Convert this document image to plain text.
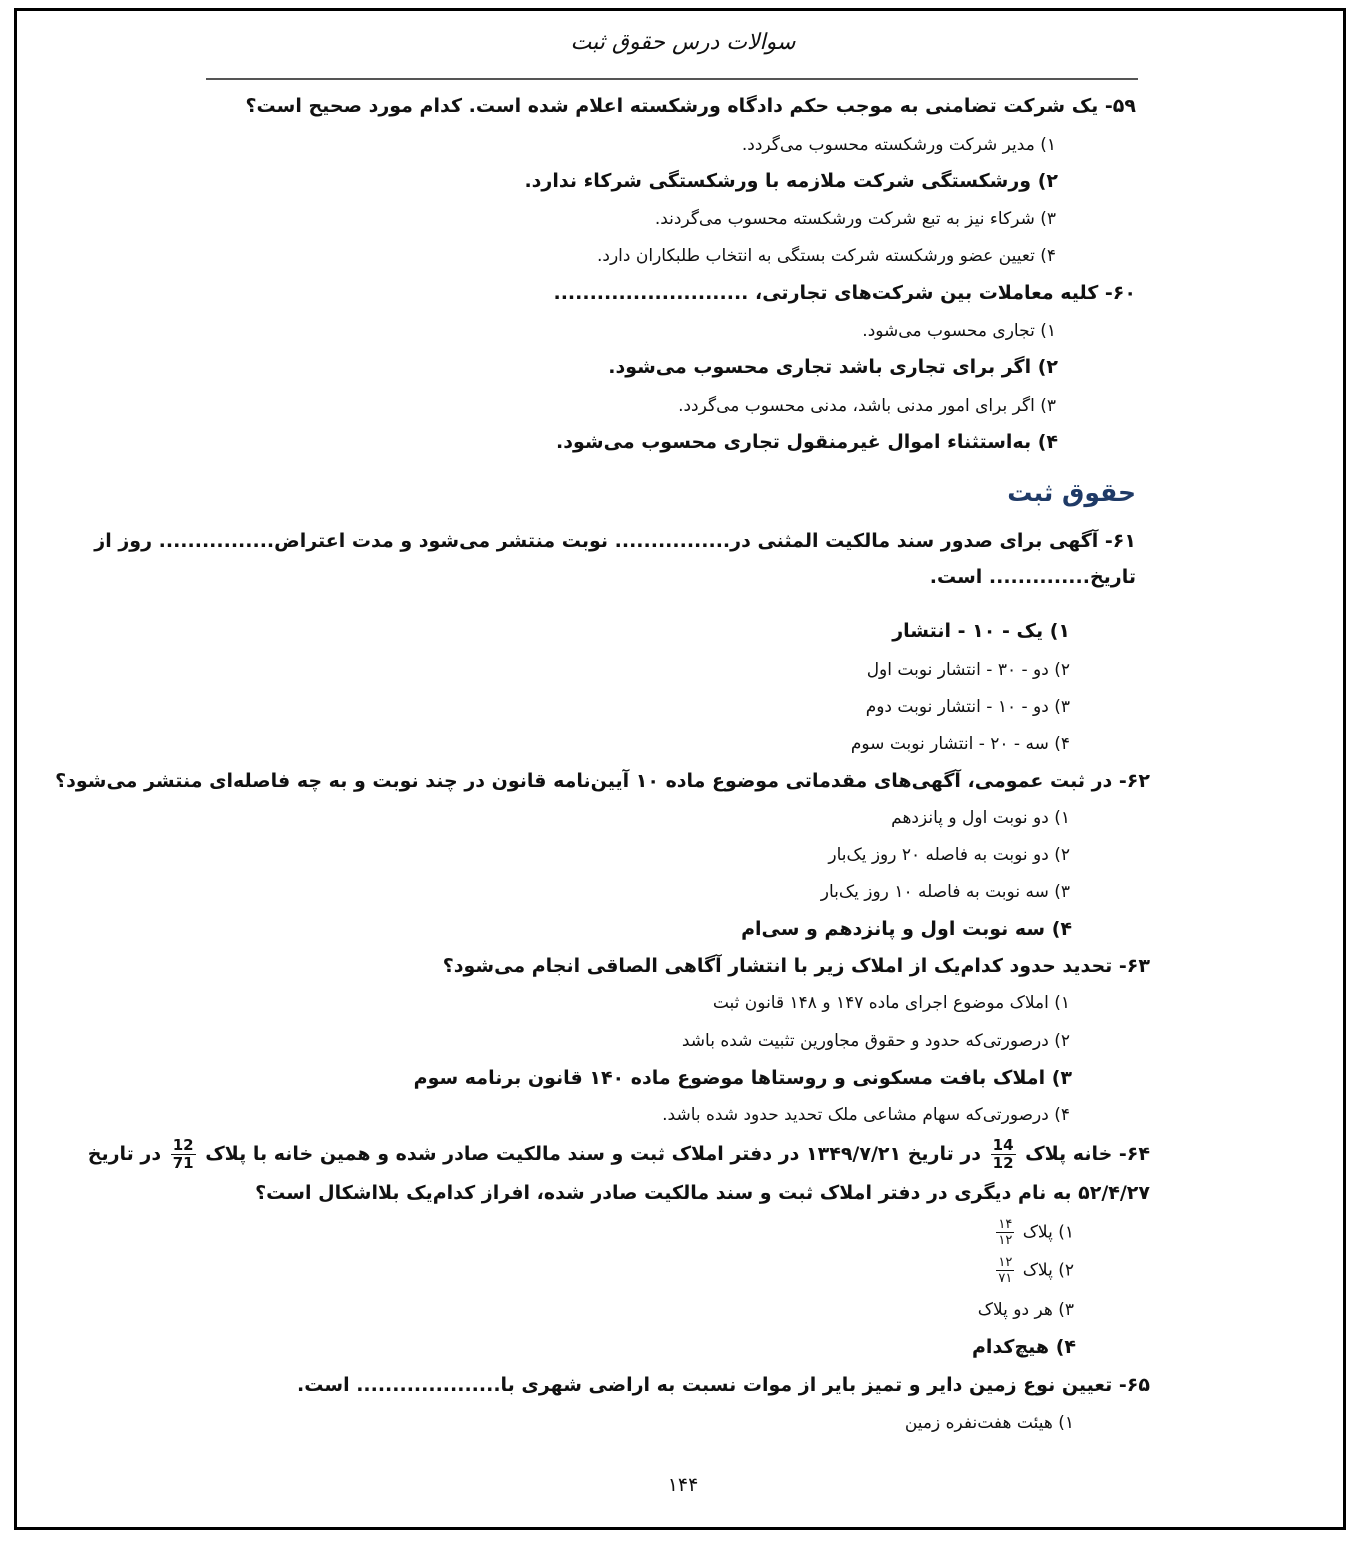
سوالات درس حقوق ثبت
۵۹- یک شرکت تضامنی به موجب حکم دادگاه ورشکسته اعلام شده است. کدام مورد صحیح است؟
۱) مدیر شرکت ورشکسته محسوب می‌گردد.
۲) ورشکستگی شرکت ملازمه با ورشکستگی شرکاء ندارد.
۳) شرکاء نیز به تبع شرکت ورشکسته محسوب می‌گردند.
۴) تعیین عضو ورشکسته شرکت بستگی به انتخاب طلبکاران دارد.
۶۰- کلیه معاملات بین شرکت‌های تجارتی، ...........................
۱) تجاری محسوب می‌شود.
۲) اگر برای تجاری باشد تجاری محسوب می‌شود.
۳) اگر برای امور مدنی باشد، مدنی محسوب می‌گردد.
۴) به‌استثناء اموال غیرمنقول تجاری محسوب می‌شود.
حقوق ثبت
۶۱- آگهی برای صدور سند مالکیت المثنی در................ نوبت منتشر می‌شود و مدت اعتراض................ روز از
تاریخ.............. است.
۱) یک - ۱۰ - انتشار
۲) دو - ۳۰ - انتشار نوبت اول
۳) دو - ۱۰ - انتشار نوبت دوم
۴) سه - ۲۰ - انتشار نوبت سوم
۶۲- در ثبت عمومی، آگهی‌های مقدماتی موضوع ماده ۱۰ آیین‌نامه قانون در چند نوبت و به چه فاصله‌ای منتشر می‌شود؟
۱) دو نوبت اول و پانزدهم
۲) دو نوبت به فاصله ۲۰ روز یک‌بار
۳) سه نوبت به فاصله ۱۰ روز یک‌بار
۴) سه نوبت اول و پانزدهم و سی‌ام
۶۳- تحدید حدود کدام‌یک از املاک زیر با انتشار آگاهی الصاقی انجام می‌شود؟
۱) املاک موضوع اجرای ماده ۱۴۷ و ۱۴۸ قانون ثبت
۲) درصورتی‌که حدود و حقوق مجاورین تثبیت شده باشد
۳) املاک بافت مسکونی و روستاها موضوع ماده ۱۴۰ قانون برنامه سوم
۴) درصورتی‌که سهام مشاعی ملک تحدید حدود شده باشد.
۶۴- خانه پلاک
$\frac{14}{12}$
در تاریخ ۱۳۴۹/۷/۲۱ در دفتر املاک ثبت و سند مالکیت صادر شده و همین خانه با پلاک
$\frac{12}{71}$
در تاریخ
۵۲/۴/۲۷ به نام دیگری در دفتر املاک ثبت و سند مالکیت صادر شده، افراز کدام‌یک بلااشکال است؟
۱) پلاک
$\frac{۱۴}{۱۲}$
۲) پلاک
$\frac{۱۲}{۷۱}$
۳) هر دو پلاک
۴) هیچ‌کدام
۶۵- تعیین نوع زمین دایر و تمیز بایر از موات نسبت به اراضی شهری با.................... است.
۱) هیئت هفت‌نفره زمین
۱۴۴
